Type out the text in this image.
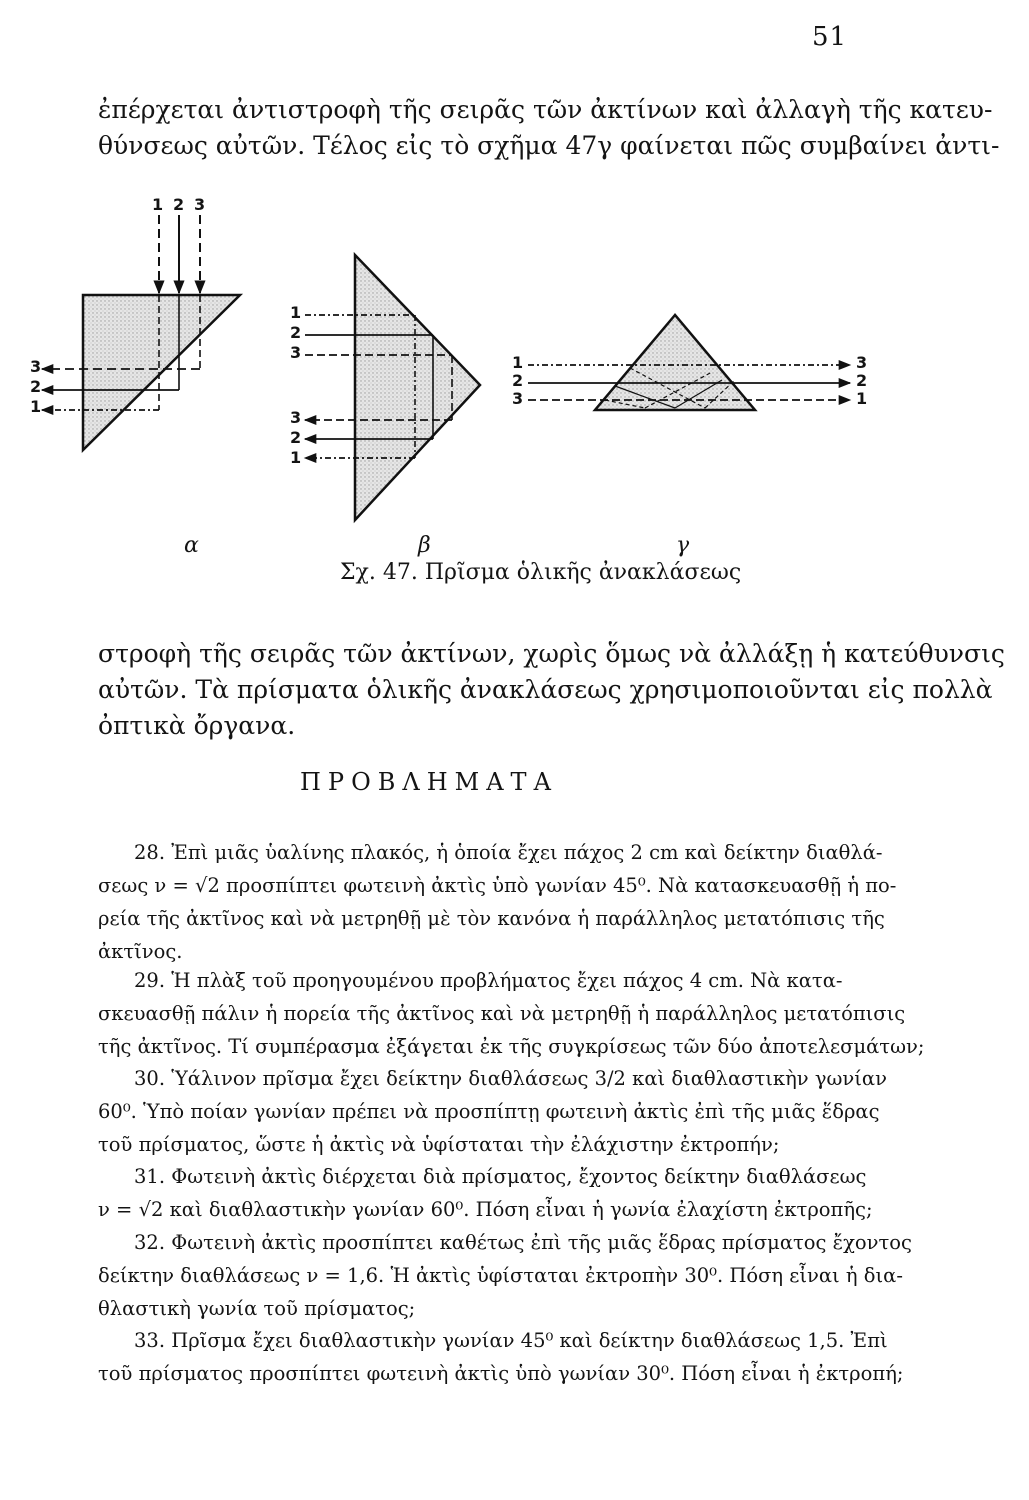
51
ἐπέρχεται ἀντιστροφὴ τῆς σειρᾶς τῶν ἀκτίνων καὶ ἀλλαγὴ τῆς κατευ-
θύνσεως αὐτῶν. Τέλος εἰς τὸ σχῆμα 47γ φαίνεται πῶς συμβαίνει ἀντι-
1 2 3
3
2
1
1
2
3
3
2
1
1
2
3
3
2
1
α	β	γ
Σχ. 47. Πρῖσμα ὁλικῆς ἀνακλάσεως
στροφὴ τῆς σειρᾶς τῶν ἀκτίνων, χωρὶς ὅμως νὰ ἀλλάξῃ ἡ κατεύθυνσις
αὐτῶν. Τὰ πρίσματα ὁλικῆς ἀνακλάσεως χρησιμοποιοῦνται εἰς πολλὰ
ὀπτικὰ ὄργανα.
ΠΡΟΒΛΗΜΑΤΑ
28. Ἐπὶ μιᾶς ὑαλίνης πλακός, ἡ ὁποία ἔχει πάχος 2 cm καὶ δείκτην διαθλά-
σεως ν = √2 προσπίπτει φωτεινὴ ἀκτὶς ὑπὸ γωνίαν 45⁰. Νὰ κατασκευασθῇ ἡ πο-
ρεία τῆς ἀκτῖνος καὶ νὰ μετρηθῇ μὲ τὸν κανόνα ἡ παράλληλος μετατόπισις τῆς
ἀκτῖνος.
29. Ἡ πλὰξ τοῦ προηγουμένου προβλήματος ἔχει πάχος 4 cm. Νὰ κατα-
σκευασθῇ πάλιν ἡ πορεία τῆς ἀκτῖνος καὶ νὰ μετρηθῇ ἡ παράλληλος μετατόπισις
τῆς ἀκτῖνος. Τί συμπέρασμα ἐξάγεται ἐκ τῆς συγκρίσεως τῶν δύο ἀποτελεσμάτων;
30. Ὑάλινον πρῖσμα ἔχει δείκτην διαθλάσεως 3/2 καὶ διαθλαστικὴν γωνίαν
60⁰. Ὑπὸ ποίαν γωνίαν πρέπει νὰ προσπίπτῃ φωτεινὴ ἀκτὶς ἐπὶ τῆς μιᾶς ἕδρας
τοῦ πρίσματος, ὥστε ἡ ἀκτὶς νὰ ὑφίσταται τὴν ἐλάχιστην ἐκτροπήν;
31. Φωτεινὴ ἀκτὶς διέρχεται διὰ πρίσματος, ἔχοντος δείκτην διαθλάσεως
ν = √2 καὶ διαθλαστικὴν γωνίαν 60⁰. Πόση εἶναι ἡ γωνία ἐλαχίστη ἐκτροπῆς;
32. Φωτεινὴ ἀκτὶς προσπίπτει καθέτως ἐπὶ τῆς μιᾶς ἕδρας πρίσματος ἔχοντος
δείκτην διαθλάσεως ν = 1,6. Ἡ ἀκτὶς ὑφίσταται ἐκτροπὴν 30⁰. Πόση εἶναι ἡ δια-
θλαστικὴ γωνία τοῦ πρίσματος;
33. Πρῖσμα ἔχει διαθλαστικὴν γωνίαν 45⁰ καὶ δείκτην διαθλάσεως 1,5. Ἐπὶ
τοῦ πρίσματος προσπίπτει φωτεινὴ ἀκτὶς ὑπὸ γωνίαν 30⁰. Πόση εἶναι ἡ ἐκτροπή;
